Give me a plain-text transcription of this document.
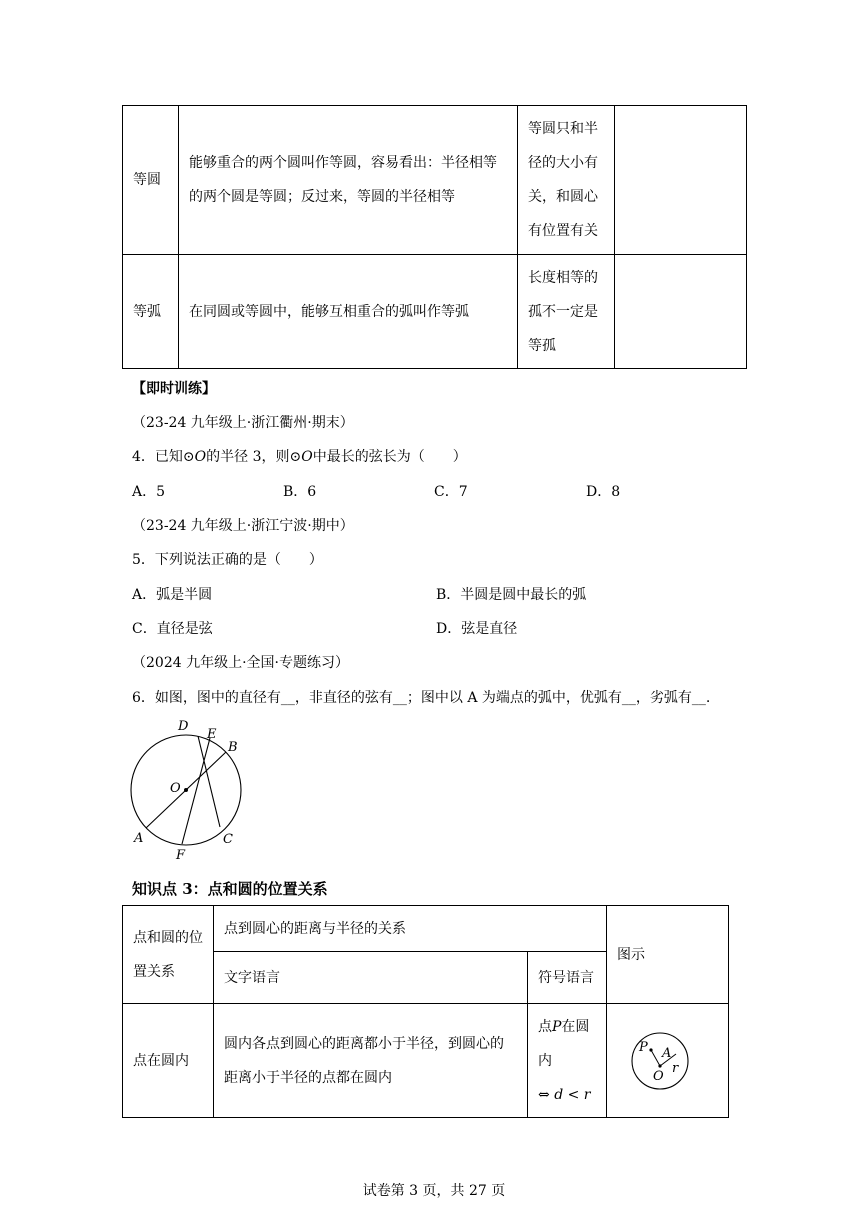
等圆	能够重合的两个圆叫作等圆，容易看出：半径相等的两个圆是等圆；反过来，等圆的半径相等	等圆只和半径的大小有关，和圆心有位置有关	
等弧	在同圆或等圆中，能够互相重合的弧叫作等弧	长度相等的孤不一定是等孤	
【即时训练】
（23-24 九年级上·浙江衢州·期末）
4．已知⊙O的半径 3，则⊙O中最长的弦长为（　　）
A．5	B．6	C．7	D．8
（23-24 九年级上·浙江宁波·期中）
5．下列说法正确的是（　　）
A．弧是半圆	B．半圆是圆中最长的弧
C．直径是弦	D．弦是直径
（2024 九年级上·全国·专题练习）
6．如图，图中的直径有__，非直径的弦有__；图中以 A 为端点的弧中，优弧有__，劣弧有__.
D
E
B
O
A
F
C
知识点 3：点和圆的位置关系
点和圆的位置关系	点到圆心的距离与半径的关系		图示
	文字语言	符号语言	
点在圆内	圆内各点到圆心的距离都小于半径，到圆心的距离小于半径的点都在圆内	点P在圆内
⇔ d < r	P A
O
r
试卷第 3 页，共 27 页
